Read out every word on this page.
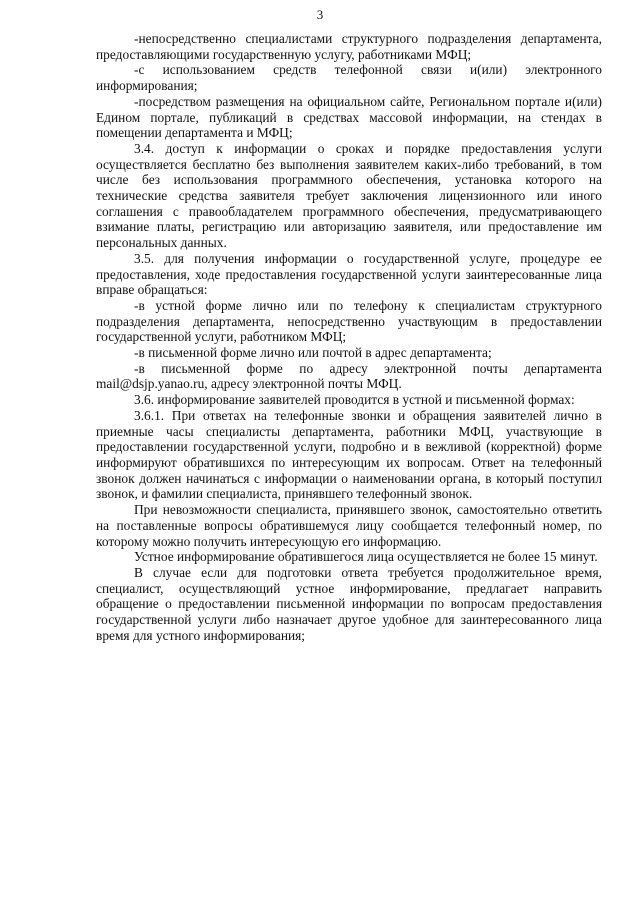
3

-непосредственно специалистами структурного подразделения департамента, предоставляющими государственную услугу, работниками МФЦ;

-с использованием средств телефонной связи и(или) электронного информирования;

-посредством размещения на официальном сайте, Региональном портале и(или) Едином портале, публикаций в средствах массовой информации, на стендах в помещении департамента и МФЦ;

3.4. доступ к информации о сроках и порядке предоставления услуги осуществляется бесплатно без выполнения заявителем каких-либо требований, в том числе без использования программного обеспечения, установка которого на технические средства заявителя требует заключения лицензионного или иного соглашения с правообладателем программного обеспечения, предусматривающего взимание платы, регистрацию или авторизацию заявителя, или предоставление им персональных данных.

3.5. для получения информации о государственной услуге, процедуре ее предоставления, ходе предоставления государственной услуги заинтересованные лица вправе обращаться:

-в устной форме лично или по телефону к специалистам структурного подразделения департамента, непосредственно участвующим в предоставлении государственной услуги, работником МФЦ;

-в письменной форме лично или почтой в адрес департамента;

-в письменной форме по адресу электронной почты департамента mail@dsjp.yanao.ru, адресу электронной почты МФЦ.

3.6. информирование заявителей проводится в устной и письменной формах:

3.6.1. При ответах на телефонные звонки и обращения заявителей лично в приемные часы специалисты департамента, работники МФЦ, участвующие в предоставлении государственной услуги, подробно и в вежливой (корректной) форме информируют обратившихся по интересующим их вопросам. Ответ на телефонный звонок должен начинаться с информации о наименовании органа, в который поступил звонок, и фамилии специалиста, принявшего телефонный звонок.

При невозможности специалиста, принявшего звонок, самостоятельно ответить на поставленные вопросы обратившемуся лицу сообщается телефонный номер, по которому можно получить интересующую его информацию.

Устное информирование обратившегося лица осуществляется не более 15 минут.

В случае если для подготовки ответа требуется продолжительное время, специалист, осуществляющий устное информирование, предлагает направить обращение о предоставлении письменной информации по вопросам предоставления государственной услуги либо назначает другое удобное для заинтересованного лица время для устного информирования;
